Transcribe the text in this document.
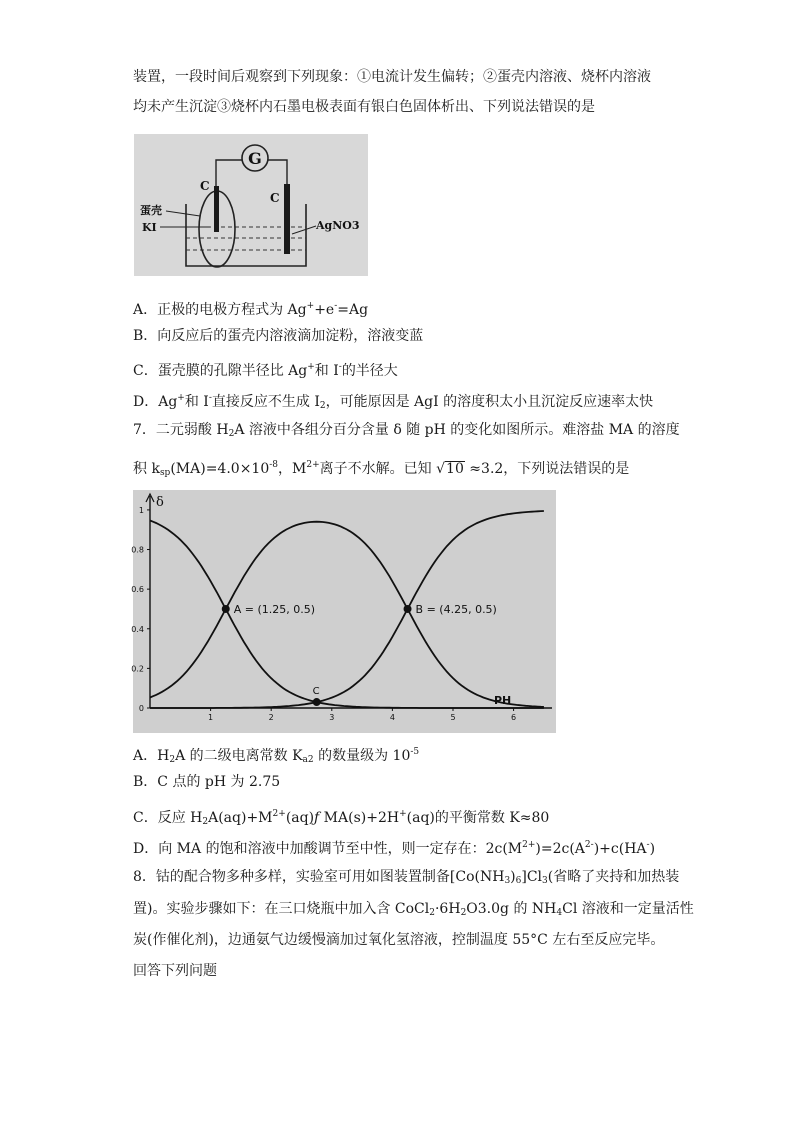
装置，一段时间后观察到下列现象：①电流计发生偏转；②蛋壳内溶液、烧杯内溶液
均未产生沉淀③烧杯内石墨电极表面有银白色固体析出、下列说法错误的是
G
C
C
蛋壳
KI	AgNO3
A．正极的电极方程式为 Ag++e-=Ag
B．向反应后的蛋壳内溶液滴加淀粉，溶液变蓝
C．蛋壳膜的孔隙半径比 Ag+和 I-的半径大
D．Ag+和 I-直接反应不生成 I2，可能原因是 AgI 的溶度积太小且沉淀反应速率太快
7．二元弱酸 H2A 溶液中各组分百分含量 δ 随 pH 的变化如图所示。难溶盐 MA 的溶度
积 $ksp(MA)=4.0\times 10^{-8}$，$M^{2+}$离子不水解。已知 √10 ≈3.2，下列说法错误的是
δ
PH
0
0.2
0.4
0.6
0.8
1
1	2	3	4	5	6
A = (1.25, 0.5)	B = (4.25, 0.5)
C
A．H2A 的二级电离常数 Ka2 的数量级为 $10^{-5}$
B．C 点的 pH 为 2.75
C．反应 $H2A(aq)+M^{2+}(aq)ƒ$ MA(s)+2H+(aq)的平衡常数 K≈80
D．向 MA 的饱和溶液中加酸调节至中性，则一定存在：$2c(M^{2+})=2c(A^{2-})+c(HA^-)$
8．钴的配合物多种多样，实验室可用如图装置制备[Co(NH3)6]Cl3(省略了夹持和加热装
置)。实验步骤如下：在三口烧瓶中加入含 CoCl2·6H2O3.0g 的 NH4Cl 溶液和一定量活性
炭(作催化剂)，边通氨气边缓慢滴加过氧化氢溶液，控制温度 55°C 左右至反应完毕。
回答下列问题
